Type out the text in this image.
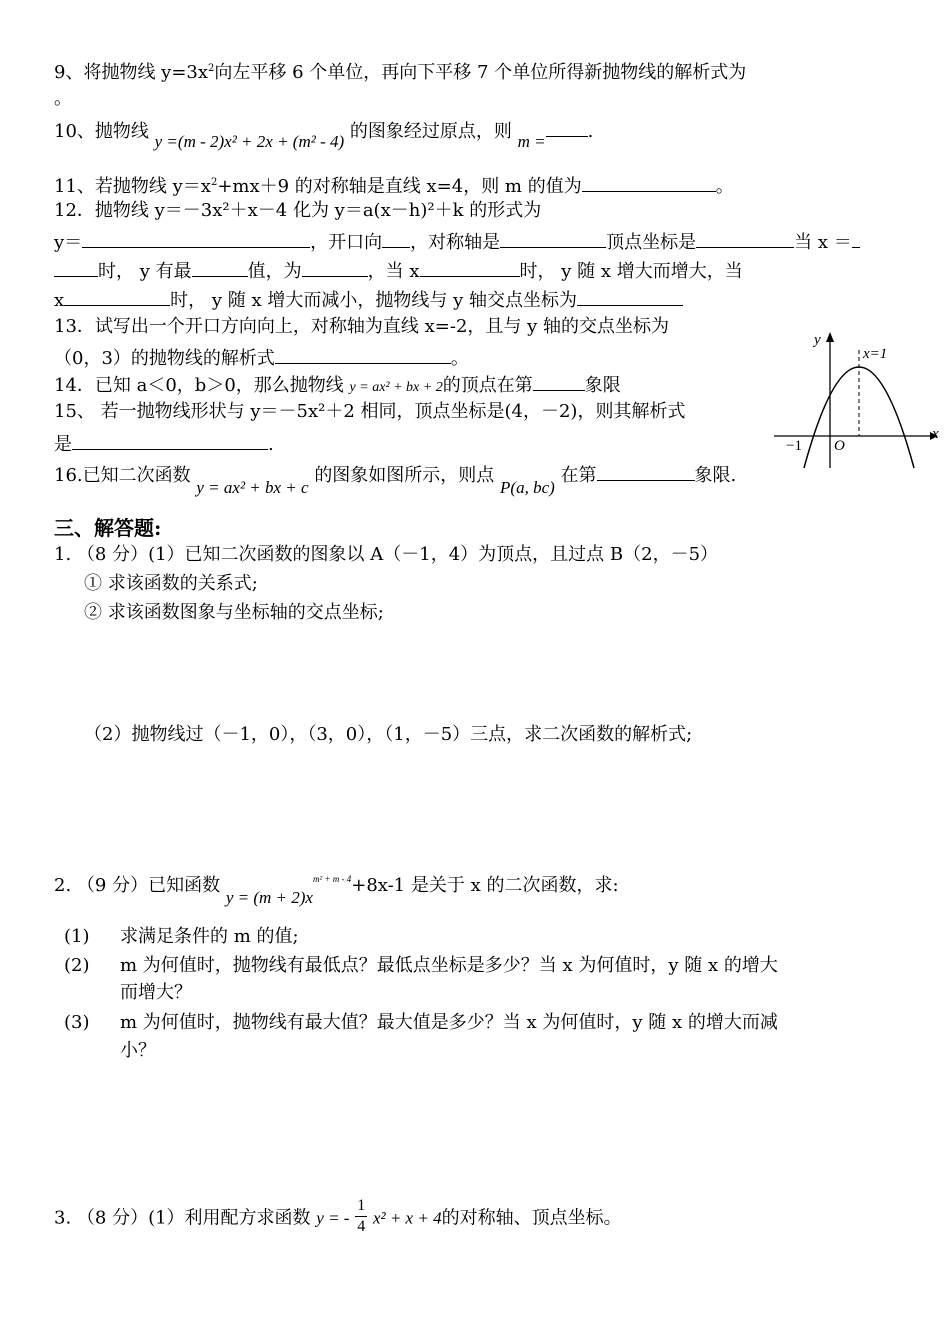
9、将抛物线 $y=3x^2$向左平移 6 个单位，再向下平移 7 个单位所得新抛物线的解析式为
。
10、抛物线 y =(m - 2)x² + 2x + (m² - 4) 的图象经过原点，则 m = .
11、若抛物线 $y=x^2+mx+9$ 的对称轴是直线 x=4，则 m 的值为	。
12．抛物线 y＝－3x²＋x－4 化为 y＝a(x－h)²＋k 的形式为
y＝	，开口向 ，对称轴是	顶点坐标是	当 x ＝
时， y 有最	值，为	，当 x	时， y 随 x 增大而增大，当
x	时， y 随 x 增大而减小，抛物线与 y 轴交点坐标为
13．试写出一个开口方向向上，对称轴为直线 x=-2，且与 y 轴的交点坐标为
（0，3）的抛物线的解析式	。
14．已知 a＜0，b＞0，那么抛物线 y = ax² + bx + 2的顶点在第	象限
15、 若一抛物线形状与 y＝－5x²＋2 相同，顶点坐标是(4，－2)，则其解析式
是	.
16.已知二次函数 y = ax² + bx + c 的图象如图所示，则点 P(a, bc) 在第	象限.
y
x
x=1
−1 O
三、解答题:
1. （8 分）(1）已知二次函数的图象以 A（－1，4）为顶点，且过点 B（2，－5）
① 求该函数的关系式;
② 求该函数图象与坐标轴的交点坐标;
（2）抛物线过（－1，0），（3，0），（1，－5）三点，求二次函数的解析式;
2. （9 分）已知函数 $y = (m + 2)x^{m^2 + m - 4}+8x-1$ 是关于 x 的二次函数，求:
(1) 求满足条件的 m 的值;
(2) m 为何值时，抛物线有最低点？最低点坐标是多少？当 x 为何值时，y 随 x 的增大
而增大？
(3) m 为何值时，抛物线有最大值？最大值是多少？当 x 为何值时，y 随 x 的增大而减
小？
3. （8 分）(1）利用配方求函数 y = - $\frac{1}{4} x^2 + x + 4$的对称轴、顶点坐标。
